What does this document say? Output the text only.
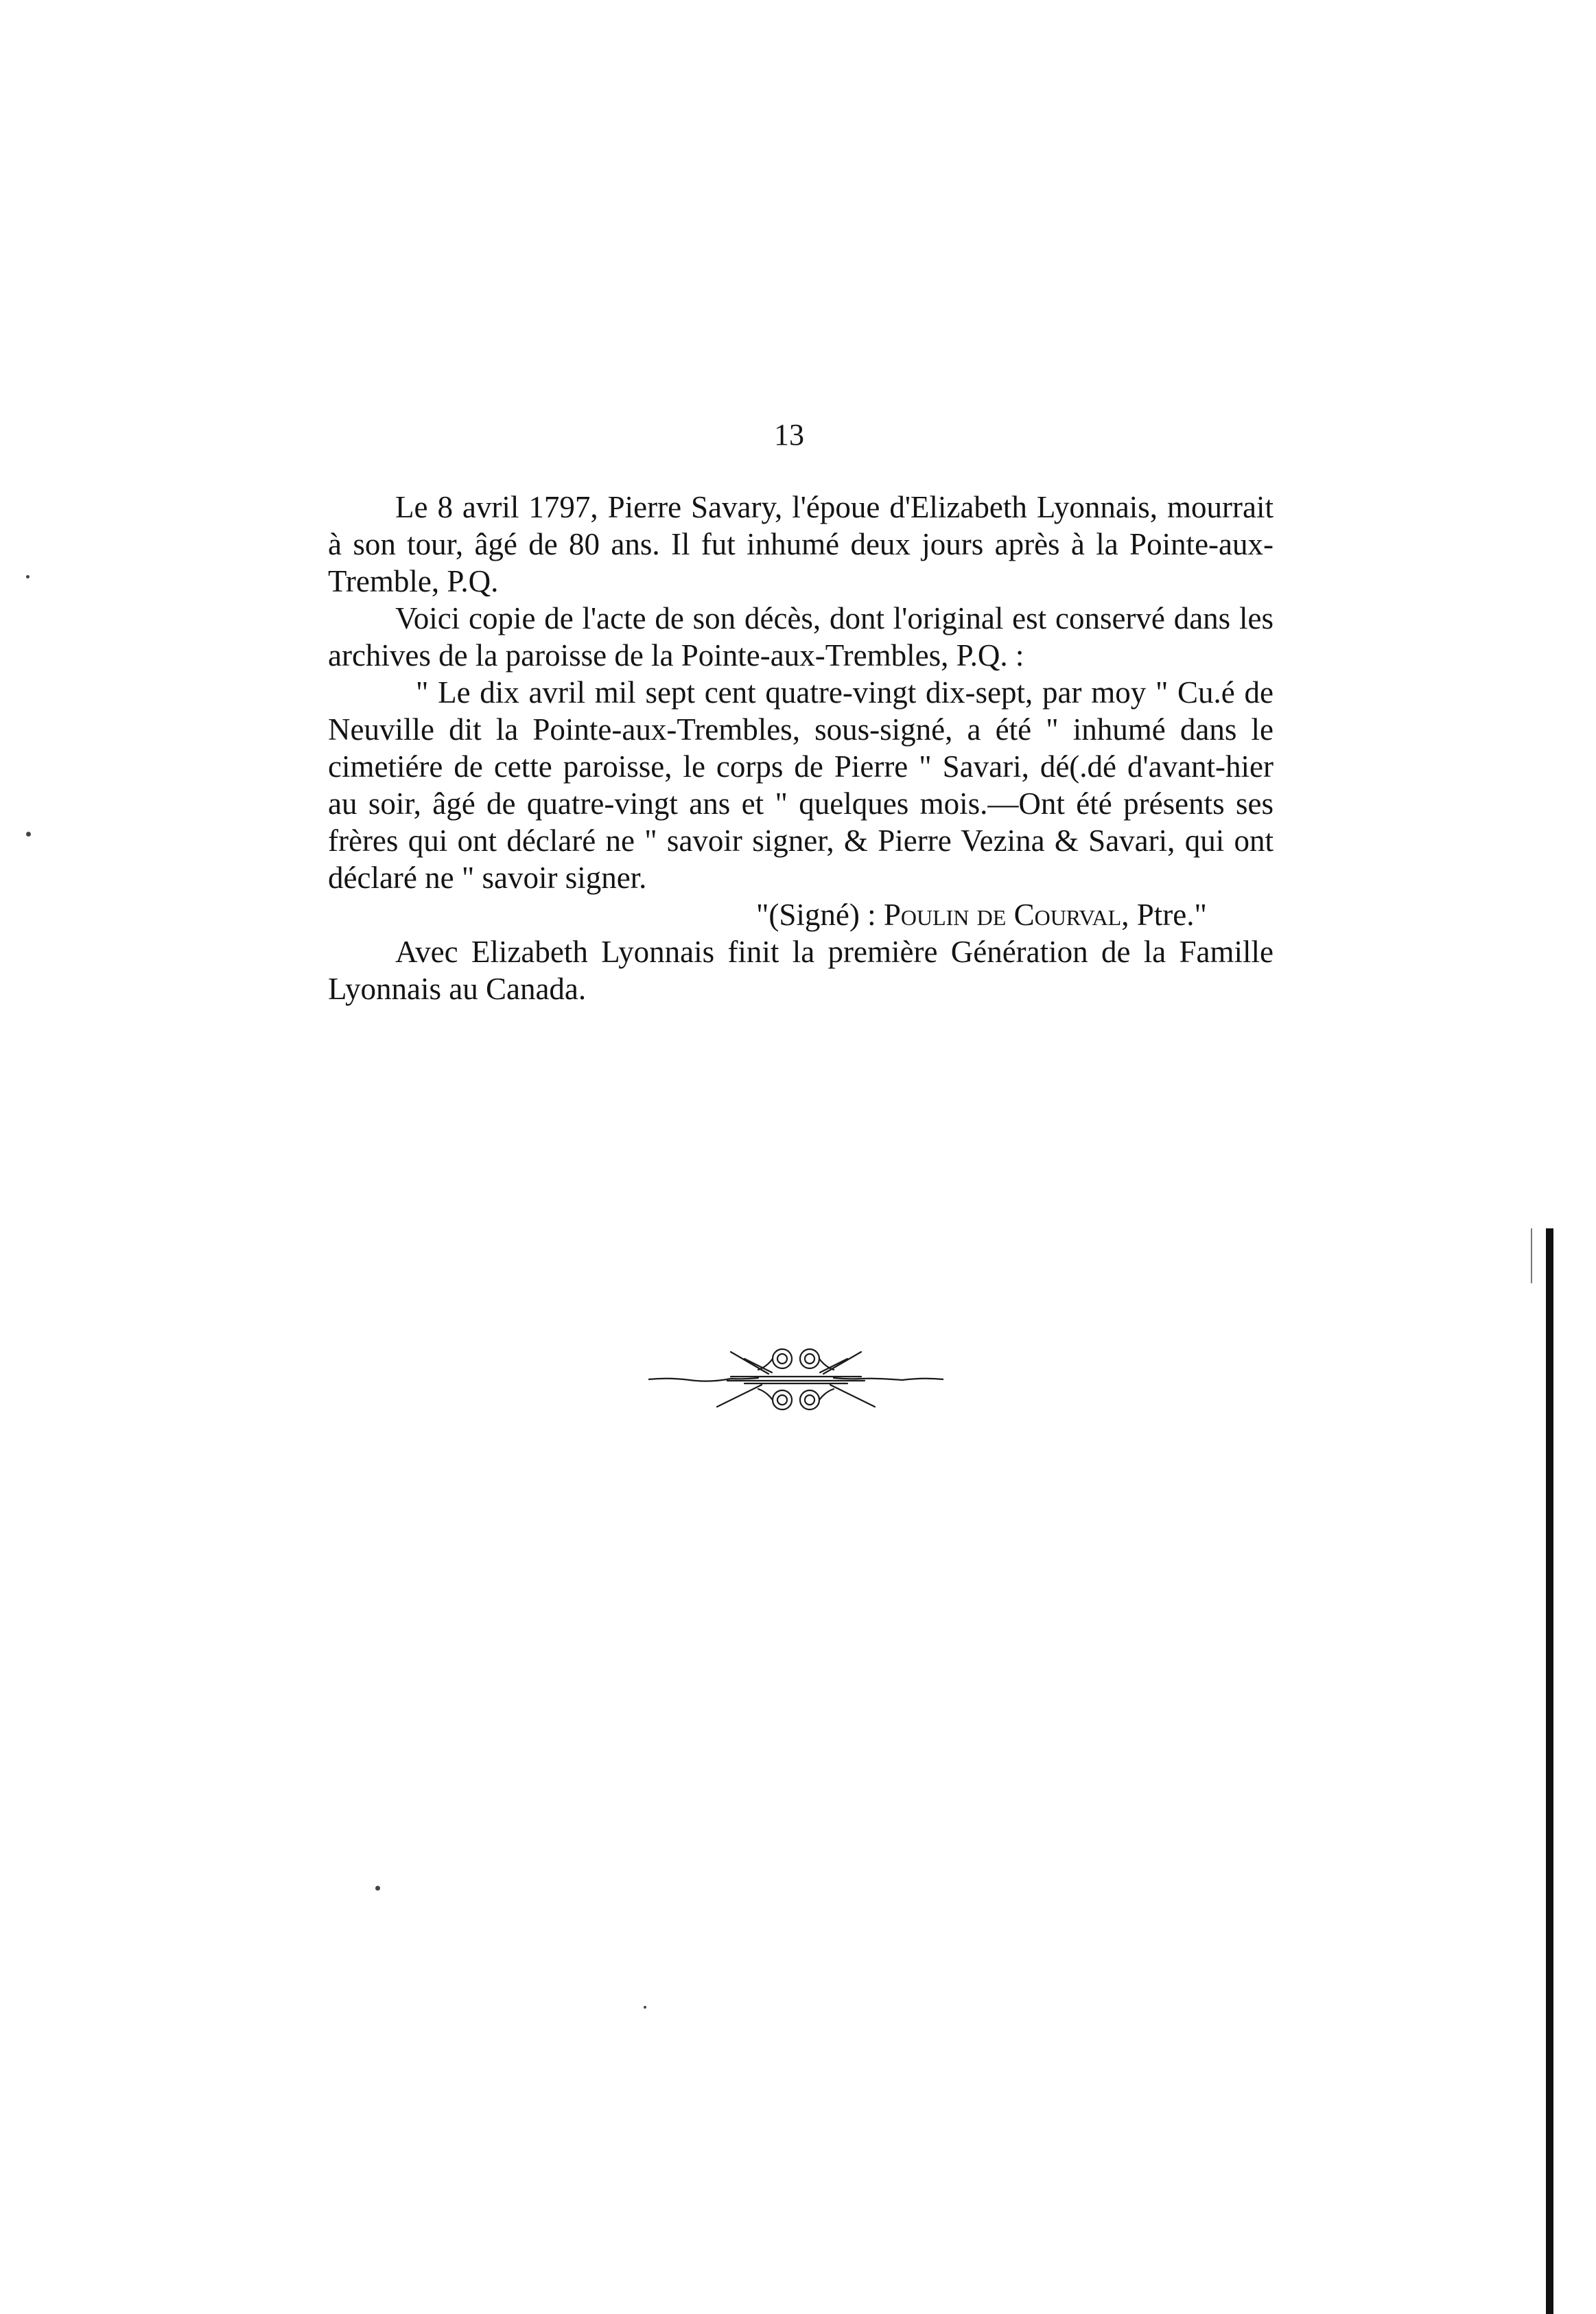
13

Le 8 avril 1797, Pierre Savary, l'époue d'Elizabeth Lyonnais, mourrait à son tour, âgé de 80 ans. Il fut inhumé deux jours après à la Pointe-aux-Tremble, P.Q.

Voici copie de l'acte de son décès, dont l'original est conservé dans les archives de la paroisse de la Pointe-aux-Trembles, P.Q. :

" Le dix avril mil sept cent quatre-vingt dix-sept, par moy " Cu.é de Neuville dit la Pointe-aux-Trembles, sous-signé, a été " inhumé dans le cimetiére de cette paroisse, le corps de Pierre " Savari, dé(.dé d'avant-hier au soir, âgé de quatre-vingt ans et " quelques mois.—Ont été présents ses frères qui ont déclaré ne " savoir signer, & Pierre Vezina & Savari, qui ont déclaré ne " savoir signer.

"(Signé) : Poulin de Courval, Ptre."

Avec Elizabeth Lyonnais finit la première Génération de la Famille Lyonnais au Canada.
